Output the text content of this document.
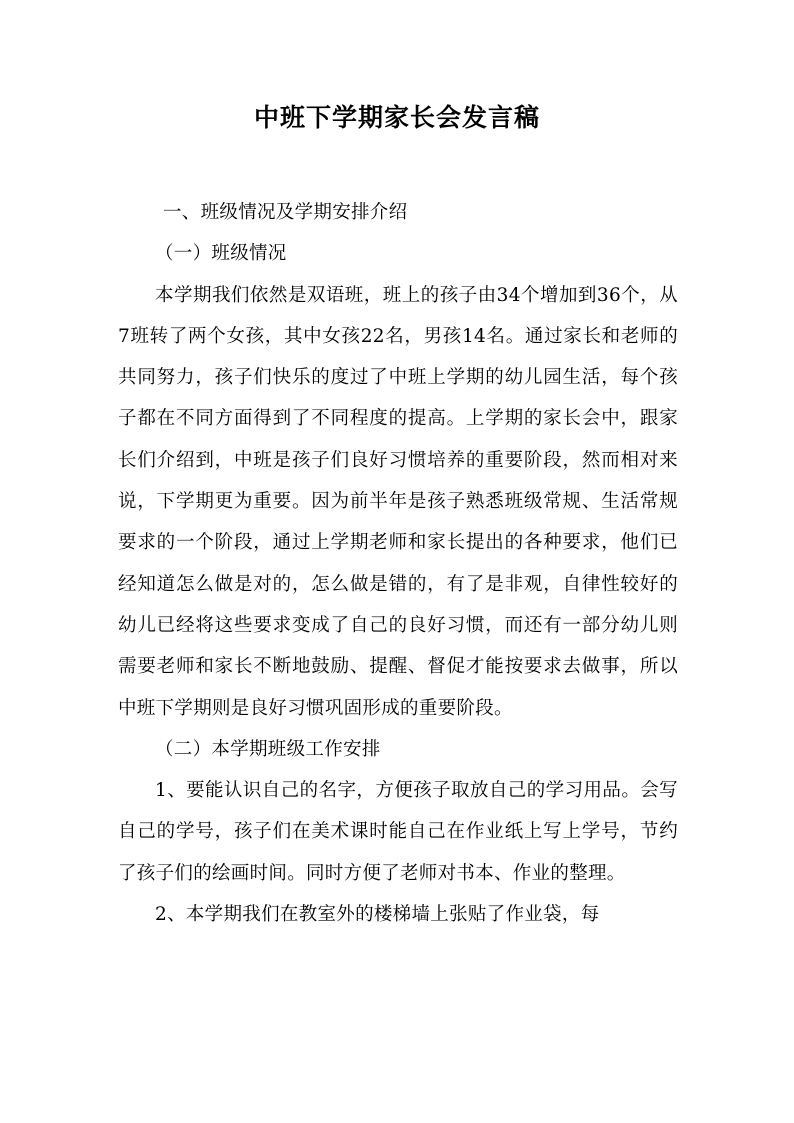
中班下学期家长会发言稿

一、班级情况及学期安排介绍

（一）班级情况

本学期我们依然是双语班，班上的孩子由34个增加到36个，从7班转了两个女孩，其中女孩22名，男孩14名。通过家长和老师的共同努力，孩子们快乐的度过了中班上学期的幼儿园生活，每个孩子都在不同方面得到了不同程度的提高。上学期的家长会中，跟家长们介绍到，中班是孩子们良好习惯培养的重要阶段，然而相对来说，下学期更为重要。因为前半年是孩子熟悉班级常规、生活常规要求的一个阶段，通过上学期老师和家长提出的各种要求，他们已经知道怎么做是对的，怎么做是错的，有了是非观，自律性较好的幼儿已经将这些要求变成了自己的良好习惯，而还有一部分幼儿则需要老师和家长不断地鼓励、提醒、督促才能按要求去做事，所以中班下学期则是良好习惯巩固形成的重要阶段。

（二）本学期班级工作安排

1、要能认识自己的名字，方便孩子取放自己的学习用品。会写自己的学号，孩子们在美术课时能自己在作业纸上写上学号，节约了孩子们的绘画时间。同时方便了老师对书本、作业的整理。

2、本学期我们在教室外的楼梯墙上张贴了作业袋，每
